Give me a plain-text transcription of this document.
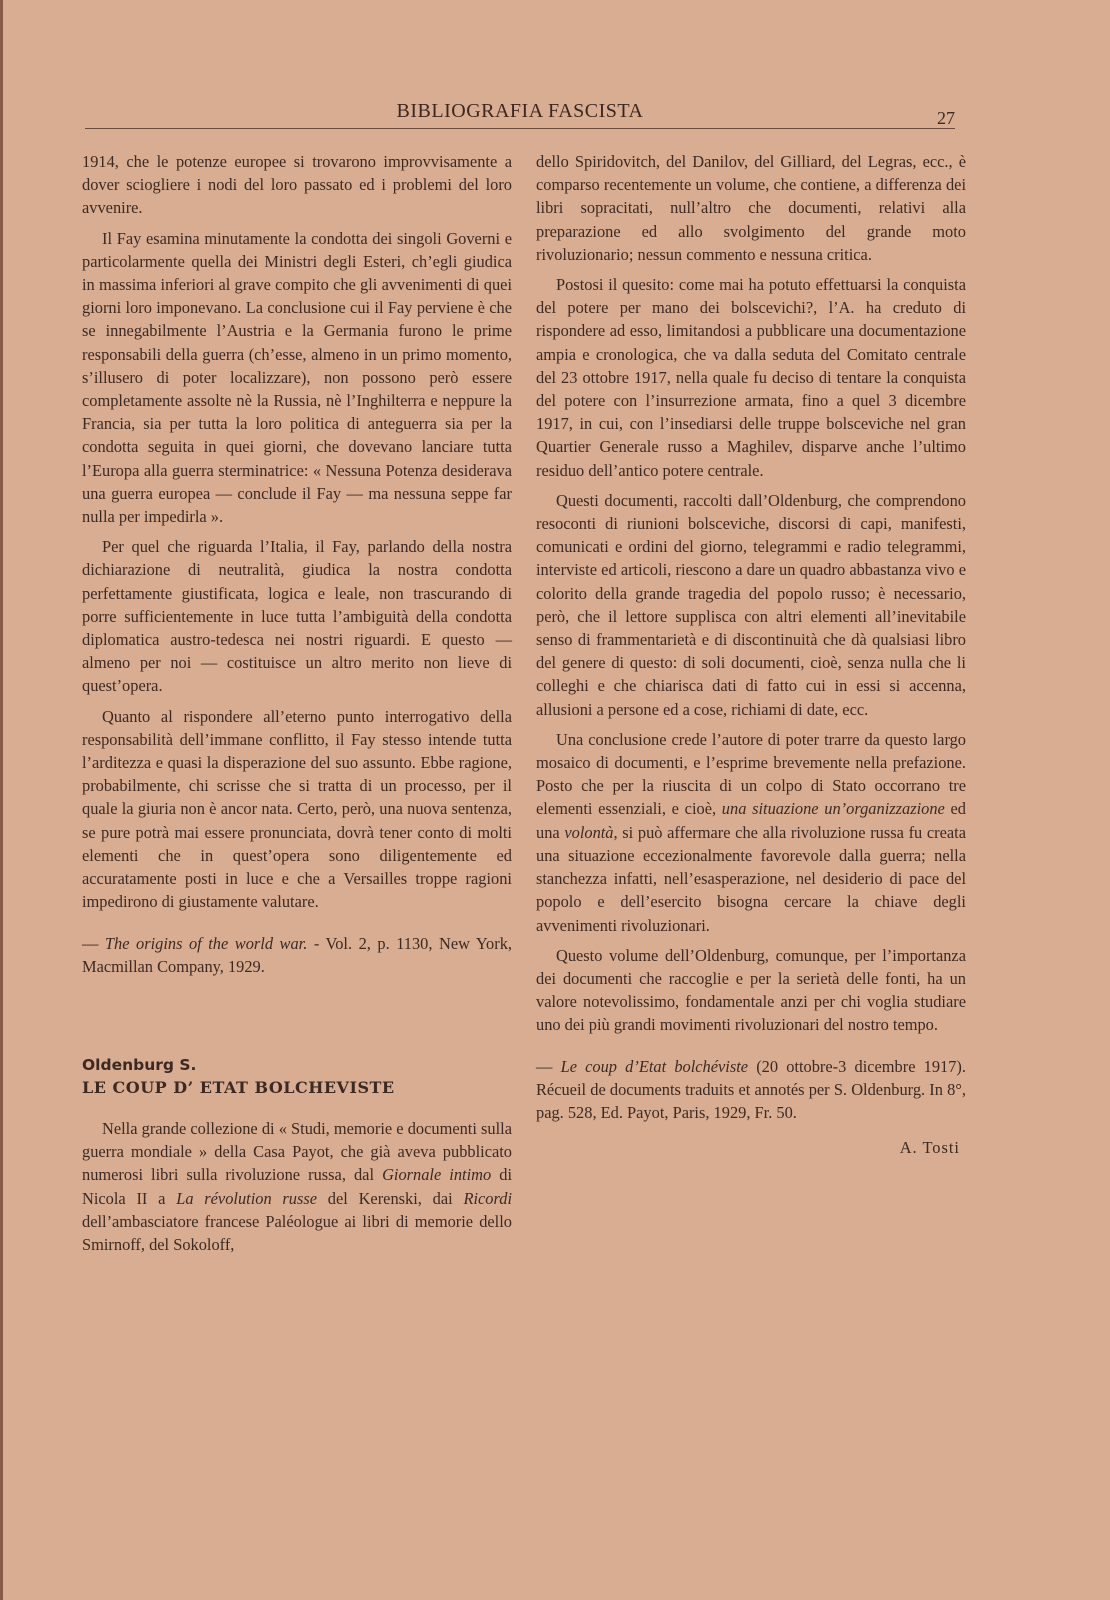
BIBLIOGRAFIA FASCISTA	27

1914, che le potenze europee si trovarono improvvisamente a dover sciogliere i nodi del loro passato ed i problemi del loro avvenire.

Il Fay esamina minutamente la condotta dei singoli Governi e particolarmente quella dei Ministri degli Esteri, ch’egli giudica in massima inferiori al grave compito che gli avvenimenti di quei giorni loro imponevano. La conclusione cui il Fay perviene è che se innegabilmente l’Austria e la Germania furono le prime responsabili della guerra (ch’esse, almeno in un primo momento, s’illusero di poter localizzare), non possono però essere completamente assolte nè la Russia, nè l’Inghilterra e neppure la Francia, sia per tutta la loro politica di anteguerra sia per la condotta seguita in quei giorni, che dovevano lanciare tutta l’Europa alla guerra sterminatrice: « Nessuna Potenza desiderava una guerra europea — conclude il Fay — ma nessuna seppe far nulla per impedirla ».

Per quel che riguarda l’Italia, il Fay, parlando della nostra dichiarazione di neutralità, giudica la nostra condotta perfettamente giustificata, logica e leale, non trascurando di porre sufficientemente in luce tutta l’ambiguità della condotta diplomatica austro-tedesca nei nostri riguardi. E questo — almeno per noi — costituisce un altro merito non lieve di quest’opera.

Quanto al rispondere all’eterno punto interrogativo della responsabilità dell’immane conflitto, il Fay stesso intende tutta l’arditezza e quasi la disperazione del suo assunto. Ebbe ragione, probabilmente, chi scrisse che si tratta di un processo, per il quale la giuria non è ancor nata. Certo, però, una nuova sentenza, se pure potrà mai essere pronunciata, dovrà tener conto di molti elementi che in quest’opera sono diligentemente ed accuratamente posti in luce e che a Versailles troppe ragioni impedirono di giustamente valutare.

— The origins of the world war. - Vol. 2, p. 1130, New York, Macmillan Company, 1929.

Oldenburg S.
LE COUP D’ ETAT BOLCHEVISTE

Nella grande collezione di « Studi, memorie e documenti sulla guerra mondiale » della Casa Payot, che già aveva pubblicato numerosi libri sulla rivoluzione russa, dal Giornale intimo di Nicola II a La révolution russe del Kerenski, dai Ricordi dell’ambasciatore francese Paléologue ai libri di memorie dello Smirnoff, del Sokoloff,

dello Spiridovitch, del Danilov, del Gilliard, del Legras, ecc., è comparso recentemente un volume, che contiene, a differenza dei libri sopracitati, null’altro che documenti, relativi alla preparazione ed allo svolgimento del grande moto rivoluzionario; nessun commento e nessuna critica.

Postosi il quesito: come mai ha potuto effettuarsi la conquista del potere per mano dei bolscevichi?, l’A. ha creduto di rispondere ad esso, limitandosi a pubblicare una documentazione ampia e cronologica, che va dalla seduta del Comitato centrale del 23 ottobre 1917, nella quale fu deciso di tentare la conquista del potere con l’insurrezione armata, fino a quel 3 dicembre 1917, in cui, con l’insediarsi delle truppe bolsceviche nel gran Quartier Generale russo a Maghilev, disparve anche l’ultimo residuo dell’antico potere centrale.

Questi documenti, raccolti dall’Oldenburg, che comprendono resoconti di riunioni bolsceviche, discorsi di capi, manifesti, comunicati e ordini del giorno, telegrammi e radio telegrammi, interviste ed articoli, riescono a dare un quadro abbastanza vivo e colorito della grande tragedia del popolo russo; è necessario, però, che il lettore supplisca con altri elementi all’inevitabile senso di frammentarietà e di discontinuità che dà qualsiasi libro del genere di questo: di soli documenti, cioè, senza nulla che li colleghi e che chiarisca dati di fatto cui in essi si accenna, allusioni a persone ed a cose, richiami di date, ecc.

Una conclusione crede l’autore di poter trarre da questo largo mosaico di documenti, e l’esprime brevemente nella prefazione. Posto che per la riuscita di un colpo di Stato occorrano tre elementi essenziali, e cioè, una situazione un’organizzazione ed una volontà, si può affermare che alla rivoluzione russa fu creata una situazione eccezionalmente favorevole dalla guerra; nella stanchezza infatti, nell’esasperazione, nel desiderio di pace del popolo e dell’esercito bisogna cercare la chiave degli avvenimenti rivoluzionari.

Questo volume dell’Oldenburg, comunque, per l’importanza dei documenti che raccoglie e per la serietà delle fonti, ha un valore notevolissimo, fondamentale anzi per chi voglia studiare uno dei più grandi movimenti rivoluzionari del nostro tempo.

— Le coup d’Etat bolchéviste (20 ottobre-3 dicembre 1917). Récueil de documents traduits et annotés per S. Oldenburg. In 8°, pag. 528, Ed. Payot, Paris, 1929, Fr. 50.

A. Tosti
